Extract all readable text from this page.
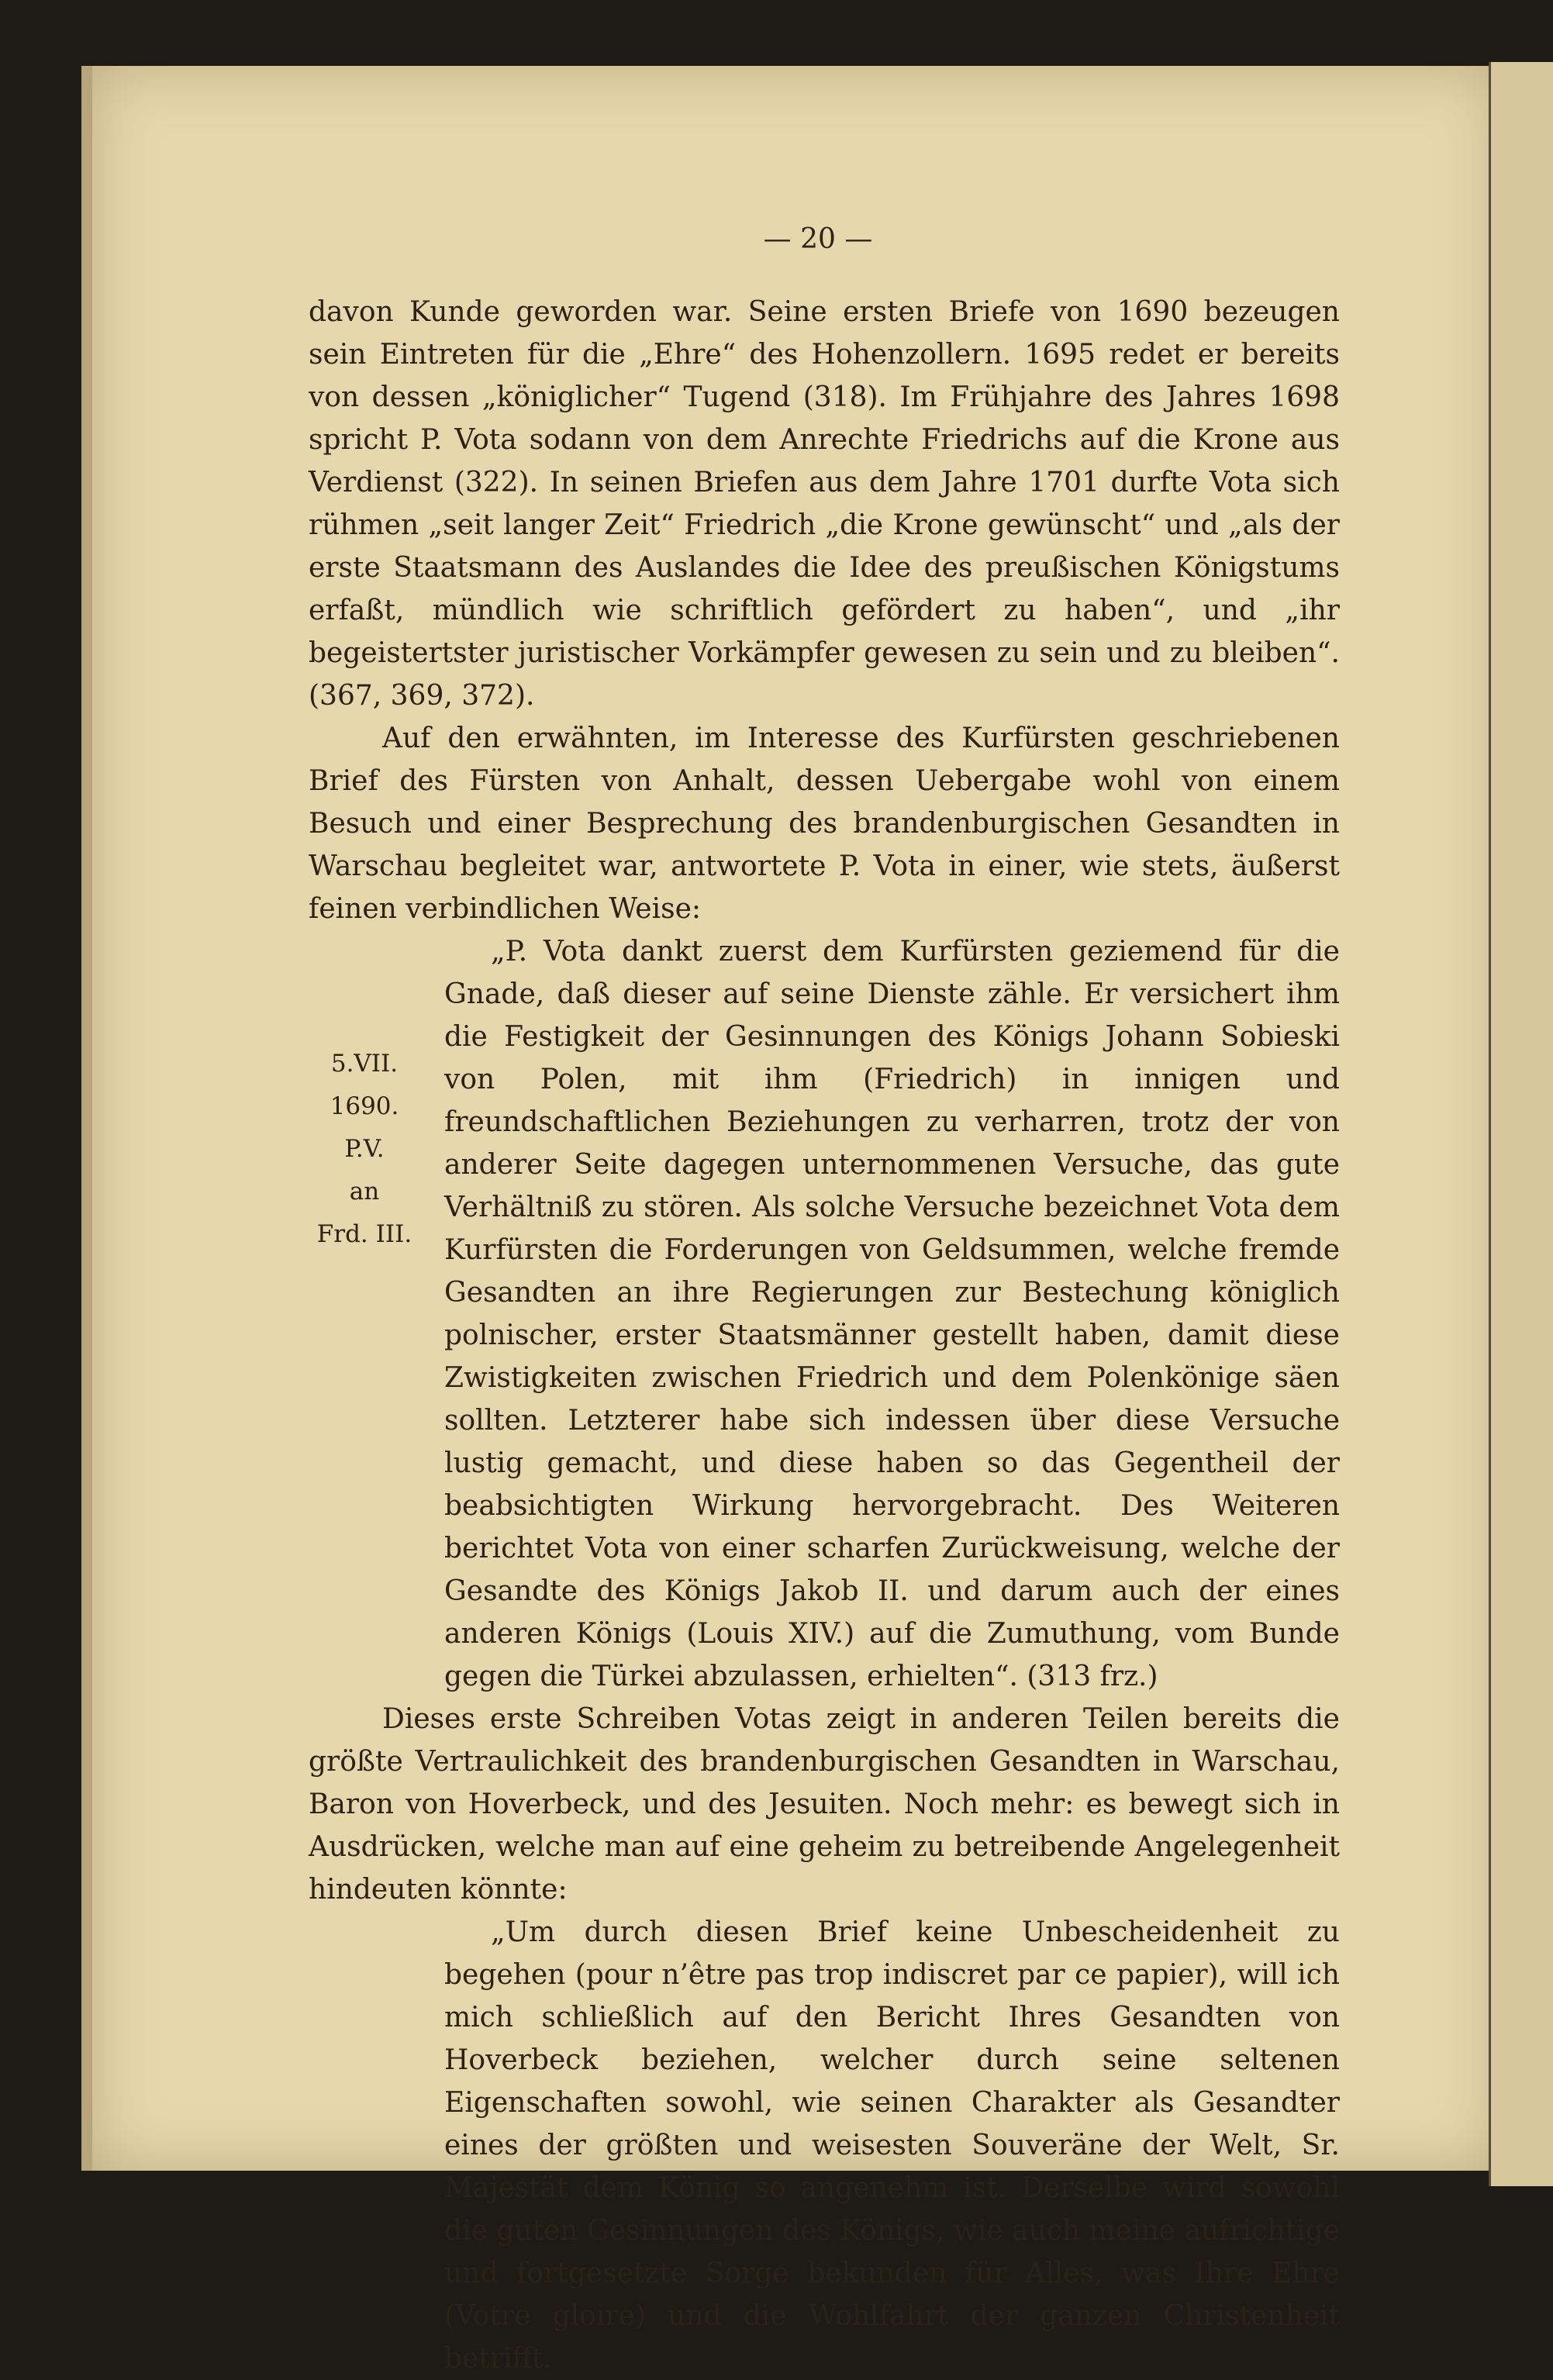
— 20 —

davon Kunde geworden war. Seine ersten Briefe von 1690 bezeugen sein Eintreten für die „Ehre“ des Hohenzollern. 1695 redet er bereits von dessen „königlicher“ Tugend (318). Im Frühjahre des Jahres 1698 spricht P. Vota sodann von dem Anrechte Friedrichs auf die Krone aus Verdienst (322). In seinen Briefen aus dem Jahre 1701 durfte Vota sich rühmen „seit langer Zeit“ Friedrich „die Krone gewünscht“ und „als der erste Staatsmann des Auslandes die Idee des preußischen Königstums erfaßt, mündlich wie schriftlich gefördert zu haben“, und „ihr begeistertster juristischer Vorkämpfer gewesen zu sein und zu bleiben“. (367, 369, 372).

Auf den erwähnten, im Interesse des Kurfürsten geschriebenen Brief des Fürsten von Anhalt, dessen Uebergabe wohl von einem Besuch und einer Besprechung des brandenburgischen Gesandten in Warschau begleitet war, antwortete P. Vota in einer, wie stets, äußerst feinen verbindlichen Weise:

„P. Vota dankt zuerst dem Kurfürsten geziemend für die Gnade, daß dieser auf seine Dienste zähle. Er versichert ihm die Festigkeit der Gesinnungen des Königs Johann Sobieski von Polen, mit ihm (Friedrich) in innigen und freundschaftlichen Beziehungen zu verharren, trotz der von anderer Seite dagegen unternommenen Versuche, das gute Verhältniß zu stören. Als solche Versuche bezeichnet Vota dem Kurfürsten die Forderungen von Geldsummen, welche fremde Gesandten an ihre Regierungen zur Bestechung königlich polnischer, erster Staatsmänner gestellt haben, damit diese Zwistigkeiten zwischen Friedrich und dem Polenkönige säen sollten. Letzterer habe sich indessen über diese Versuche lustig gemacht, und diese haben so das Gegentheil der beabsichtigten Wirkung hervorgebracht. Des Weiteren berichtet Vota von einer scharfen Zurückweisung, welche der Gesandte des Königs Jakob II. und darum auch der eines anderen Königs (Louis XIV.) auf die Zumuthung, vom Bunde gegen die Türkei abzulassen, erhielten“. (313 frz.)

Dieses erste Schreiben Votas zeigt in anderen Teilen bereits die größte Vertraulichkeit des brandenburgischen Gesandten in Warschau, Baron von Hoverbeck, und des Jesuiten. Noch mehr: es bewegt sich in Ausdrücken, welche man auf eine geheim zu betreibende Angelegenheit hindeuten könnte:

„Um durch diesen Brief keine Unbescheidenheit zu begehen (pour n’être pas trop indiscret par ce papier), will ich mich schließlich auf den Bericht Ihres Gesandten von Hoverbeck beziehen, welcher durch seine seltenen Eigenschaften sowohl, wie seinen Charakter als Gesandter eines der größten und weisesten Souveräne der Welt, Sr. Majestät dem König so angenehm ist. Derselbe wird sowohl die guten Gesinnungen des Königs, wie auch meine aufrichtige und fortgesetzte Sorge bekunden für Alles, was Ihre Ehre (Votre gloire) und die Wohlfahrt der ganzen Christenheit betrifft.

5.VII.
1690.
P.V.
an
Frd. III.
